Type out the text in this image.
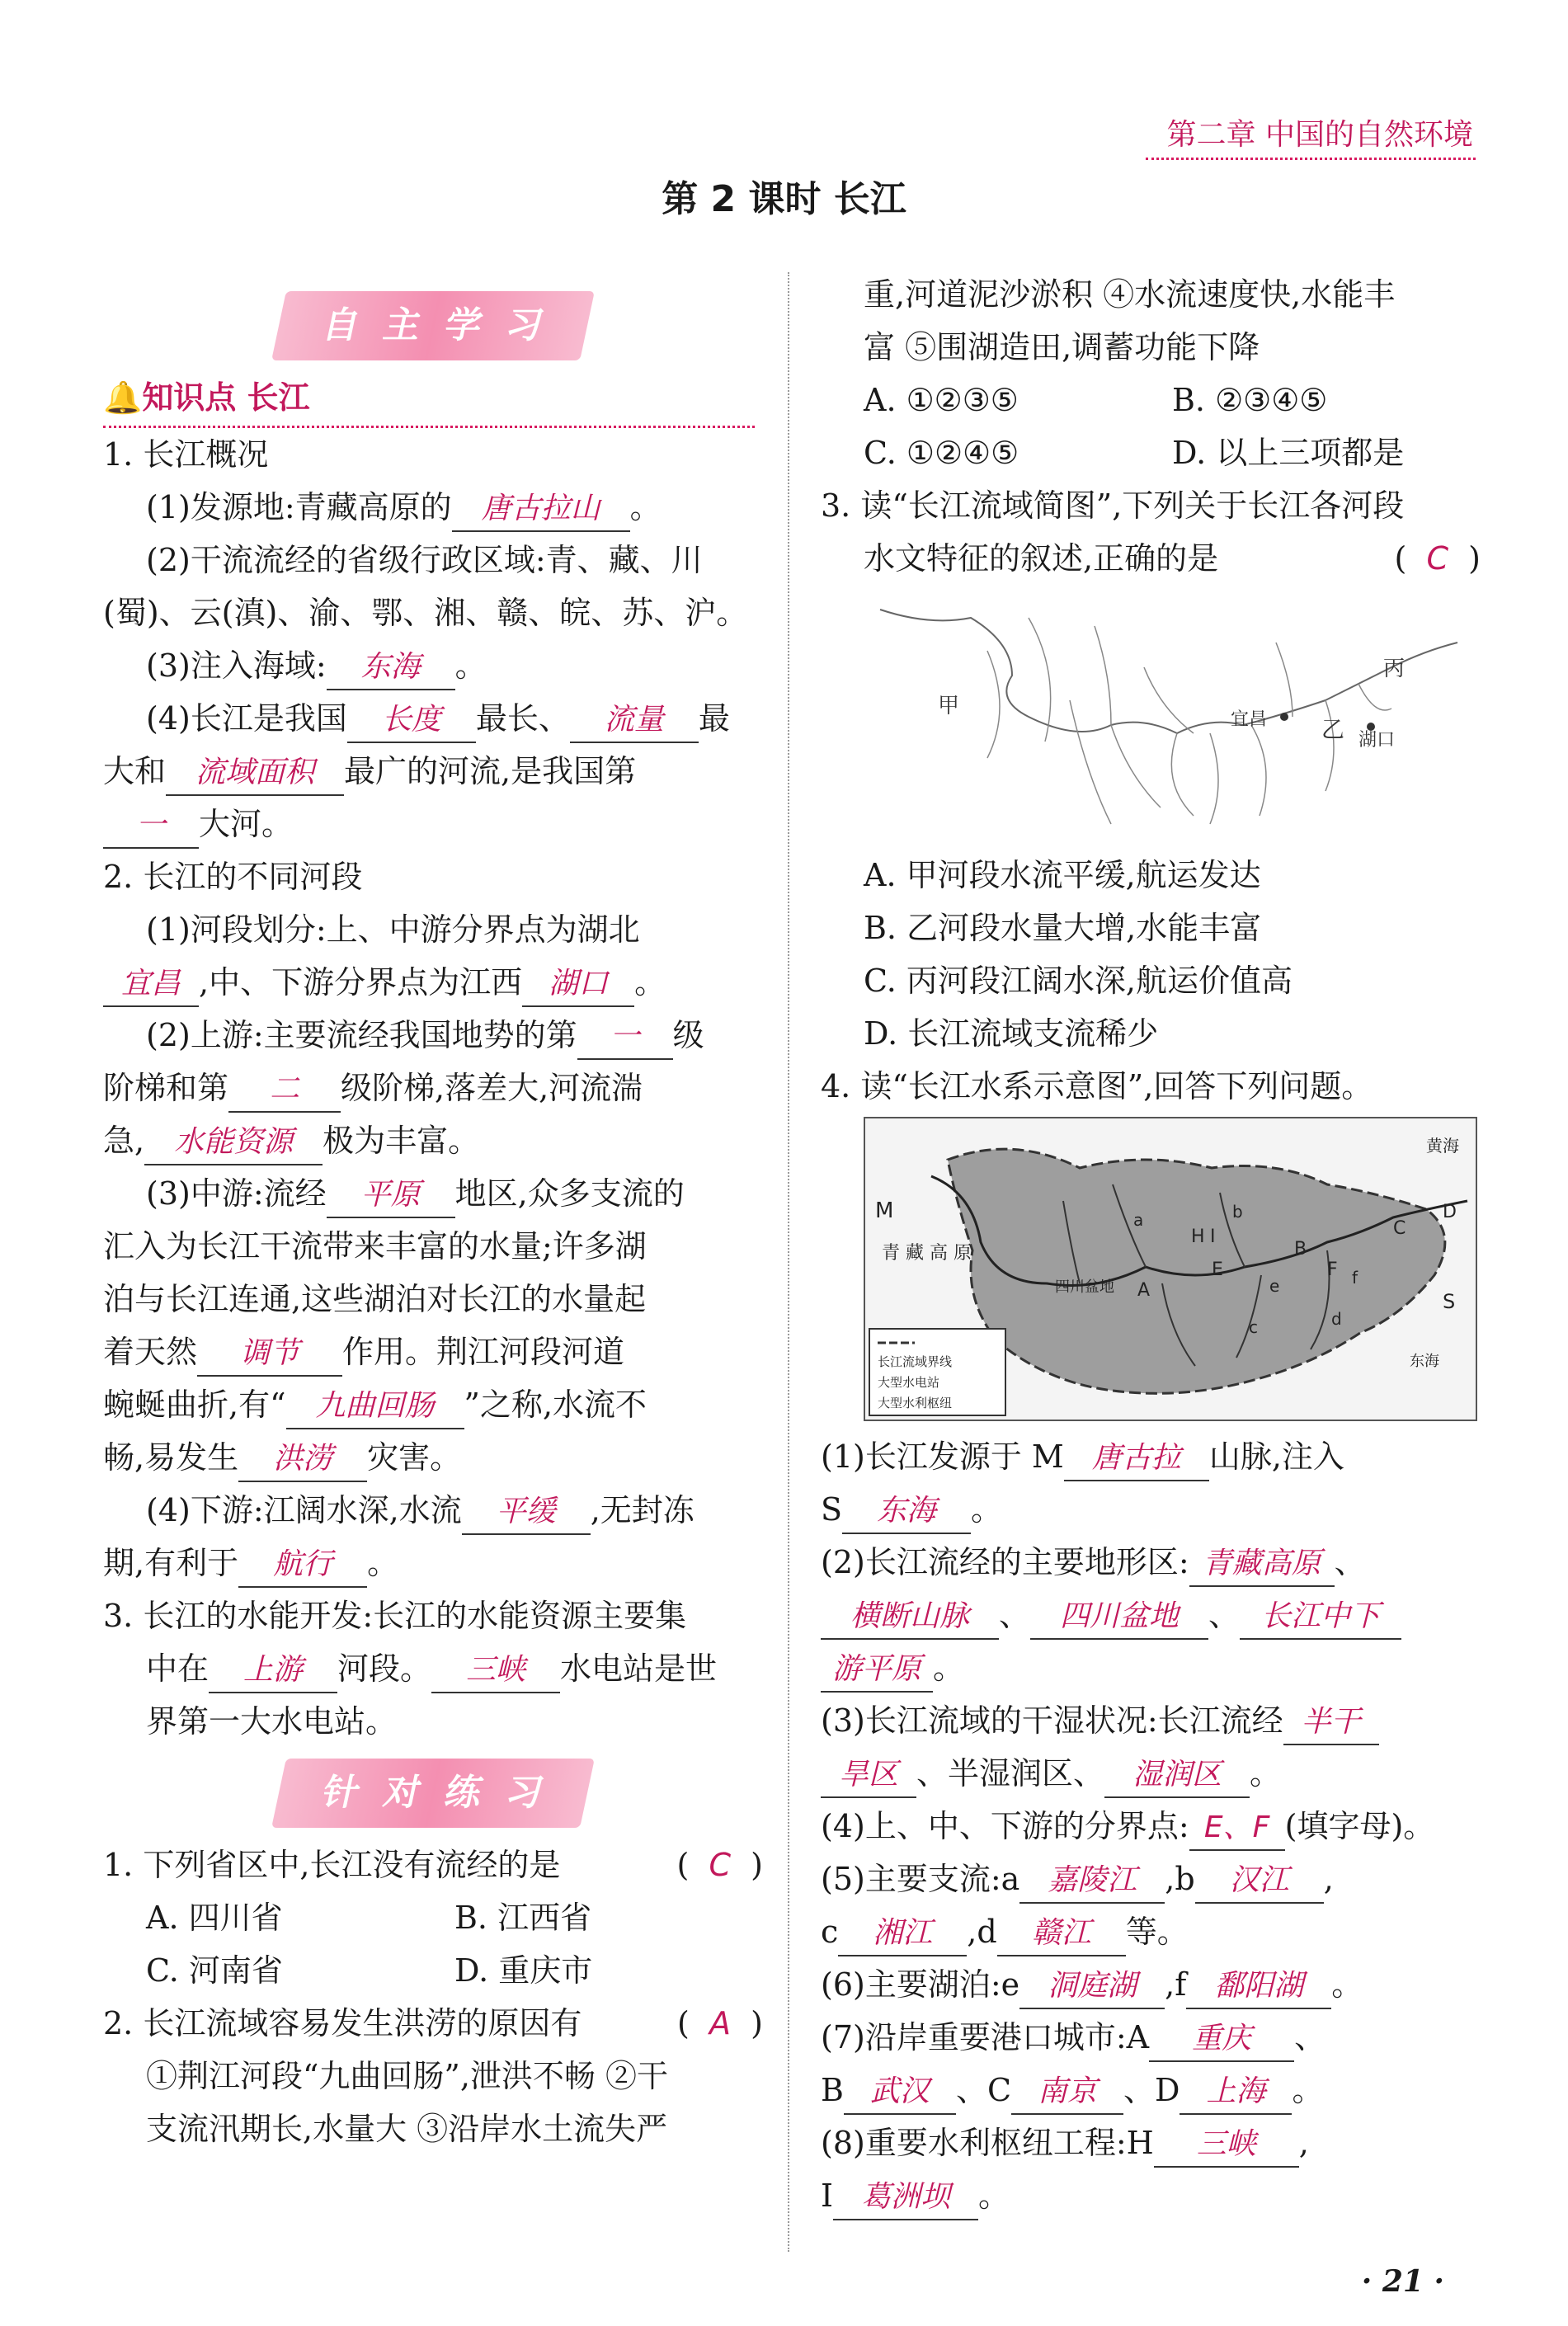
第二章 中国的自然环境
第 2 课时 长江
自主学习
🔔知识点 长江
1. 长江概况
(1)发源地:青藏高原的 唐古拉山 。
(2)干流流经的省级行政区域:青、藏、川
(蜀)、云(滇)、渝、鄂、湘、赣、皖、苏、沪。
(3)注入海域: 东海 。
(4)长江是我国 长度 最长、 流量 最
大和 流域面积 最广的河流,是我国第
一 大河。
2. 长江的不同河段
(1)河段划分:上、中游分界点为湖北
宜昌 ,中、下游分界点为江西 湖口 。
(2)上游:主要流经我国地势的第 一 级
阶梯和第 二 级阶梯,落差大,河流湍
急, 水能资源 极为丰富。
(3)中游:流经 平原 地区,众多支流的
汇入为长江干流带来丰富的水量;许多湖
泊与长江连通,这些湖泊对长江的水量起
着天然 调节 作用。荆江河段河道
蜿蜒曲折,有“ 九曲回肠 ”之称,水流不
畅,易发生 洪涝 灾害。
(4)下游:江阔水深,水流 平缓 ,无封冻
期,有利于 航行 。
3. 长江的水能开发:长江的水能资源主要集
中在 上游 河段。 三峡 水电站是世
界第一大水电站。
针对练习
1. 下列省区中,长江没有流经的是	(  C  )
A. 四川省	B. 江西省
C. 河南省	D. 重庆市
2. 长江流域容易发生洪涝的原因有	(  A  )
①荆江河段“九曲回肠”,泄洪不畅 ②干
支流汛期长,水量大 ③沿岸水土流失严
重,河道泥沙淤积 ④水流速度快,水能丰
富 ⑤围湖造田,调蓄功能下降
A. ①②③⑤	B. ②③④⑤
C. ①②④⑤	D. 以上三项都是
3. 读“长江流域简图”,下列关于长江各河段
水文特征的叙述,正确的是	(  C  )
甲
宜昌 乙 湖口
丙
A. 甲河段水流平缓,航运发达
B. 乙河段水量大增,水能丰富
C. 丙河段江阔水深,航运价值高
D. 长江流域支流稀少
4. 读“长江水系示意图”,回答下列问题。
M
青 藏 高 原
四川盆地
黄海
S
东海
a	b
c	d
e	f
H I
A
B
C
D
E	F
长江流域界线
大型水电站
大型水利枢纽
(1)长江发源于 M 唐古拉 山脉,注入
S 东海 。
(2)长江流经的主要地形区: 青藏高原 、
横断山脉 、 四川盆地 、 长江中下
游平原 。
(3)长江流域的干湿状况:长江流经 半干
旱区 、半湿润区、 湿润区 。
(4)上、中、下游的分界点: E、F (填字母)。
(5)主要支流:a 嘉陵江 ,b 汉江 ,
c 湘江 ,d 赣江 等。
(6)主要湖泊:e 洞庭湖 ,f 鄱阳湖 。
(7)沿岸重要港口城市:A 重庆 、
B 武汉 、C 南京 、D 上海 。
(8)重要水利枢纽工程:H 三峡 ,
I 葛洲坝 。
· 21 ·
